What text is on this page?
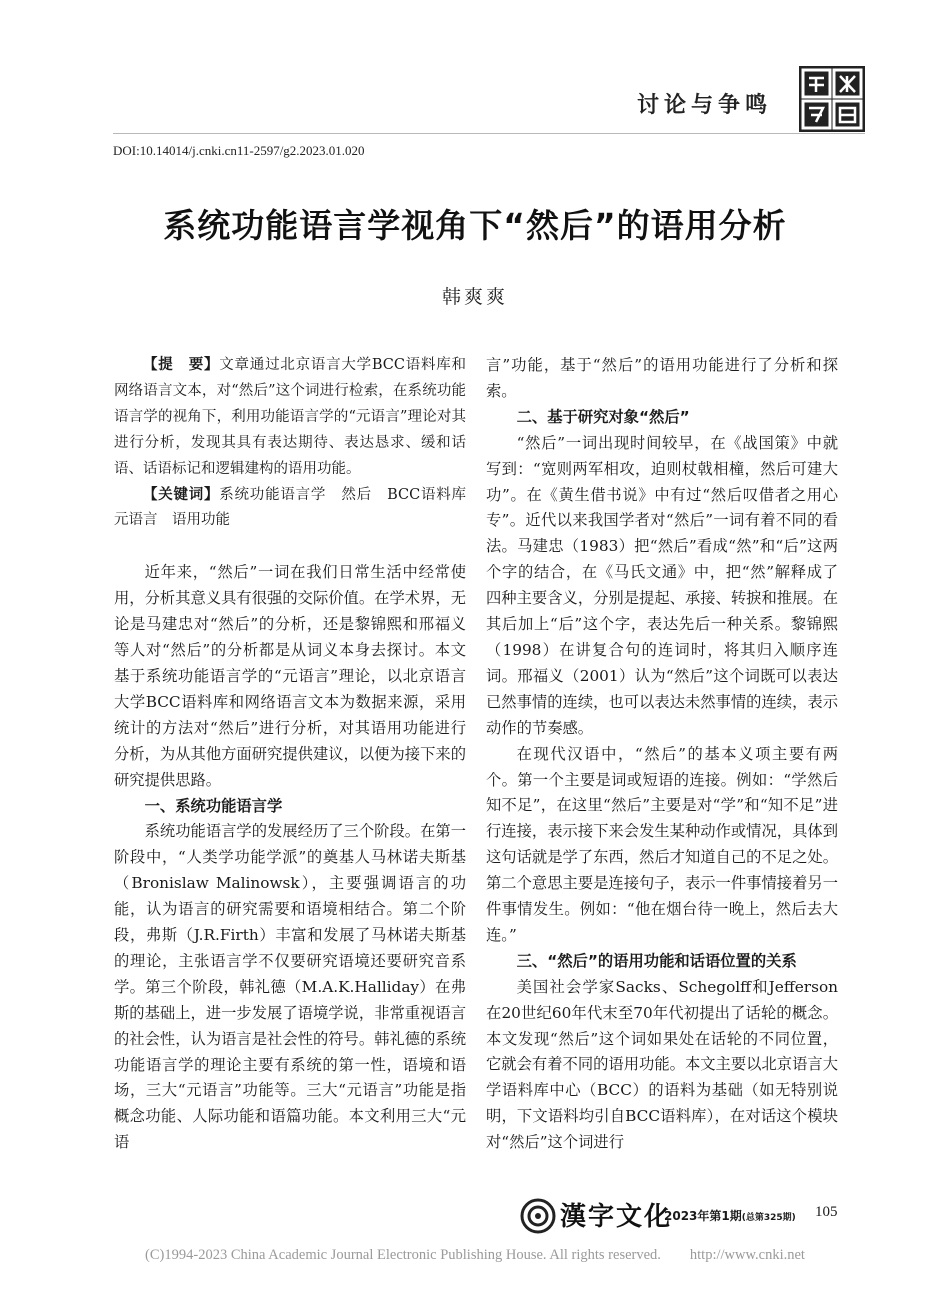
讨论与争鸣
DOI:10.14014/j.cnki.cn11-2597/g2.2023.01.020
系统功能语言学视角下“然后”的语用分析
韩爽爽

【提　要】文章通过北京语言大学BCC语料库和网络语言文本，对“然后”这个词进行检索，在系统功能语言学的视角下，利用功能语言学的“元语言”理论对其进行分析，发现其具有表达期待、表达恳求、缓和话语、话语标记和逻辑建构的语用功能。

【关键词】系统功能语言学　然后　BCC语料库　元语言　语用功能

近年来，“然后”一词在我们日常生活中经常使用，分析其意义具有很强的交际价值。在学术界，无论是马建忠对“然后”的分析，还是黎锦熙和邢福义等人对“然后”的分析都是从词义本身去探讨。本文基于系统功能语言学的“元语言”理论，以北京语言大学BCC语料库和网络语言文本为数据来源，采用统计的方法对“然后”进行分析，对其语用功能进行分析，为从其他方面研究提供建议，以便为接下来的研究提供思路。

一、系统功能语言学

系统功能语言学的发展经历了三个阶段。在第一阶段中，“人类学功能学派”的奠基人马林诺夫斯基（Bronislaw Malinowsk），主要强调语言的功能，认为语言的研究需要和语境相结合。第二个阶段，弗斯（J.R.Firth）丰富和发展了马林诺夫斯基的理论，主张语言学不仅要研究语境还要研究音系学。第三个阶段，韩礼德（M.A.K.Halliday）在弗斯的基础上，进一步发展了语境学说，非常重视语言的社会性，认为语言是社会性的符号。韩礼德的系统功能语言学的理论主要有系统的第一性，语境和语场，三大“元语言”功能等。三大“元语言”功能是指概念功能、人际功能和语篇功能。本文利用三大“元语

言”功能，基于“然后”的语用功能进行了分析和探索。

二、基于研究对象“然后”

“然后”一词出现时间较早，在《战国策》中就写到：“宽则两军相攻，迫则杖戟相橦，然后可建大功”。在《黄生借书说》中有过“然后叹借者之用心专”。近代以来我国学者对“然后”一词有着不同的看法。马建忠（1983）把“然后”看成“然”和“后”这两个字的结合，在《马氏文通》中，把“然”解释成了四种主要含义，分别是提起、承接、转捩和推展。在其后加上“后”这个字，表达先后一种关系。黎锦熙（1998）在讲复合句的连词时，将其归入顺序连词。邢福义（2001）认为“然后”这个词既可以表达已然事情的连续，也可以表达未然事情的连续，表示动作的节奏感。

在现代汉语中，“然后”的基本义项主要有两个。第一个主要是词或短语的连接。例如：“学然后知不足”，在这里“然后”主要是对“学”和“知不足”进行连接，表示接下来会发生某种动作或情况，具体到这句话就是学了东西，然后才知道自己的不足之处。第二个意思主要是连接句子，表示一件事情接着另一件事情发生。例如：“他在烟台待一晚上，然后去大连。”

三、“然后”的语用功能和话语位置的关系

美国社会学家Sacks、Schegolff和Jefferson在20世纪60年代末至70年代初提出了话轮的概念。本文发现“然后”这个词如果处在话轮的不同位置，它就会有着不同的语用功能。本文主要以北京语言大学语料库中心（BCC）的语料为基础（如无特别说明，下文语料均引自BCC语料库），在对话这个模块对“然后”这个词进行

漢字文化
2023年第1期(总第325期) 105
(C)1994-2023 China Academic Journal Electronic Publishing House. All rights reserved.　　http://www.cnki.net
